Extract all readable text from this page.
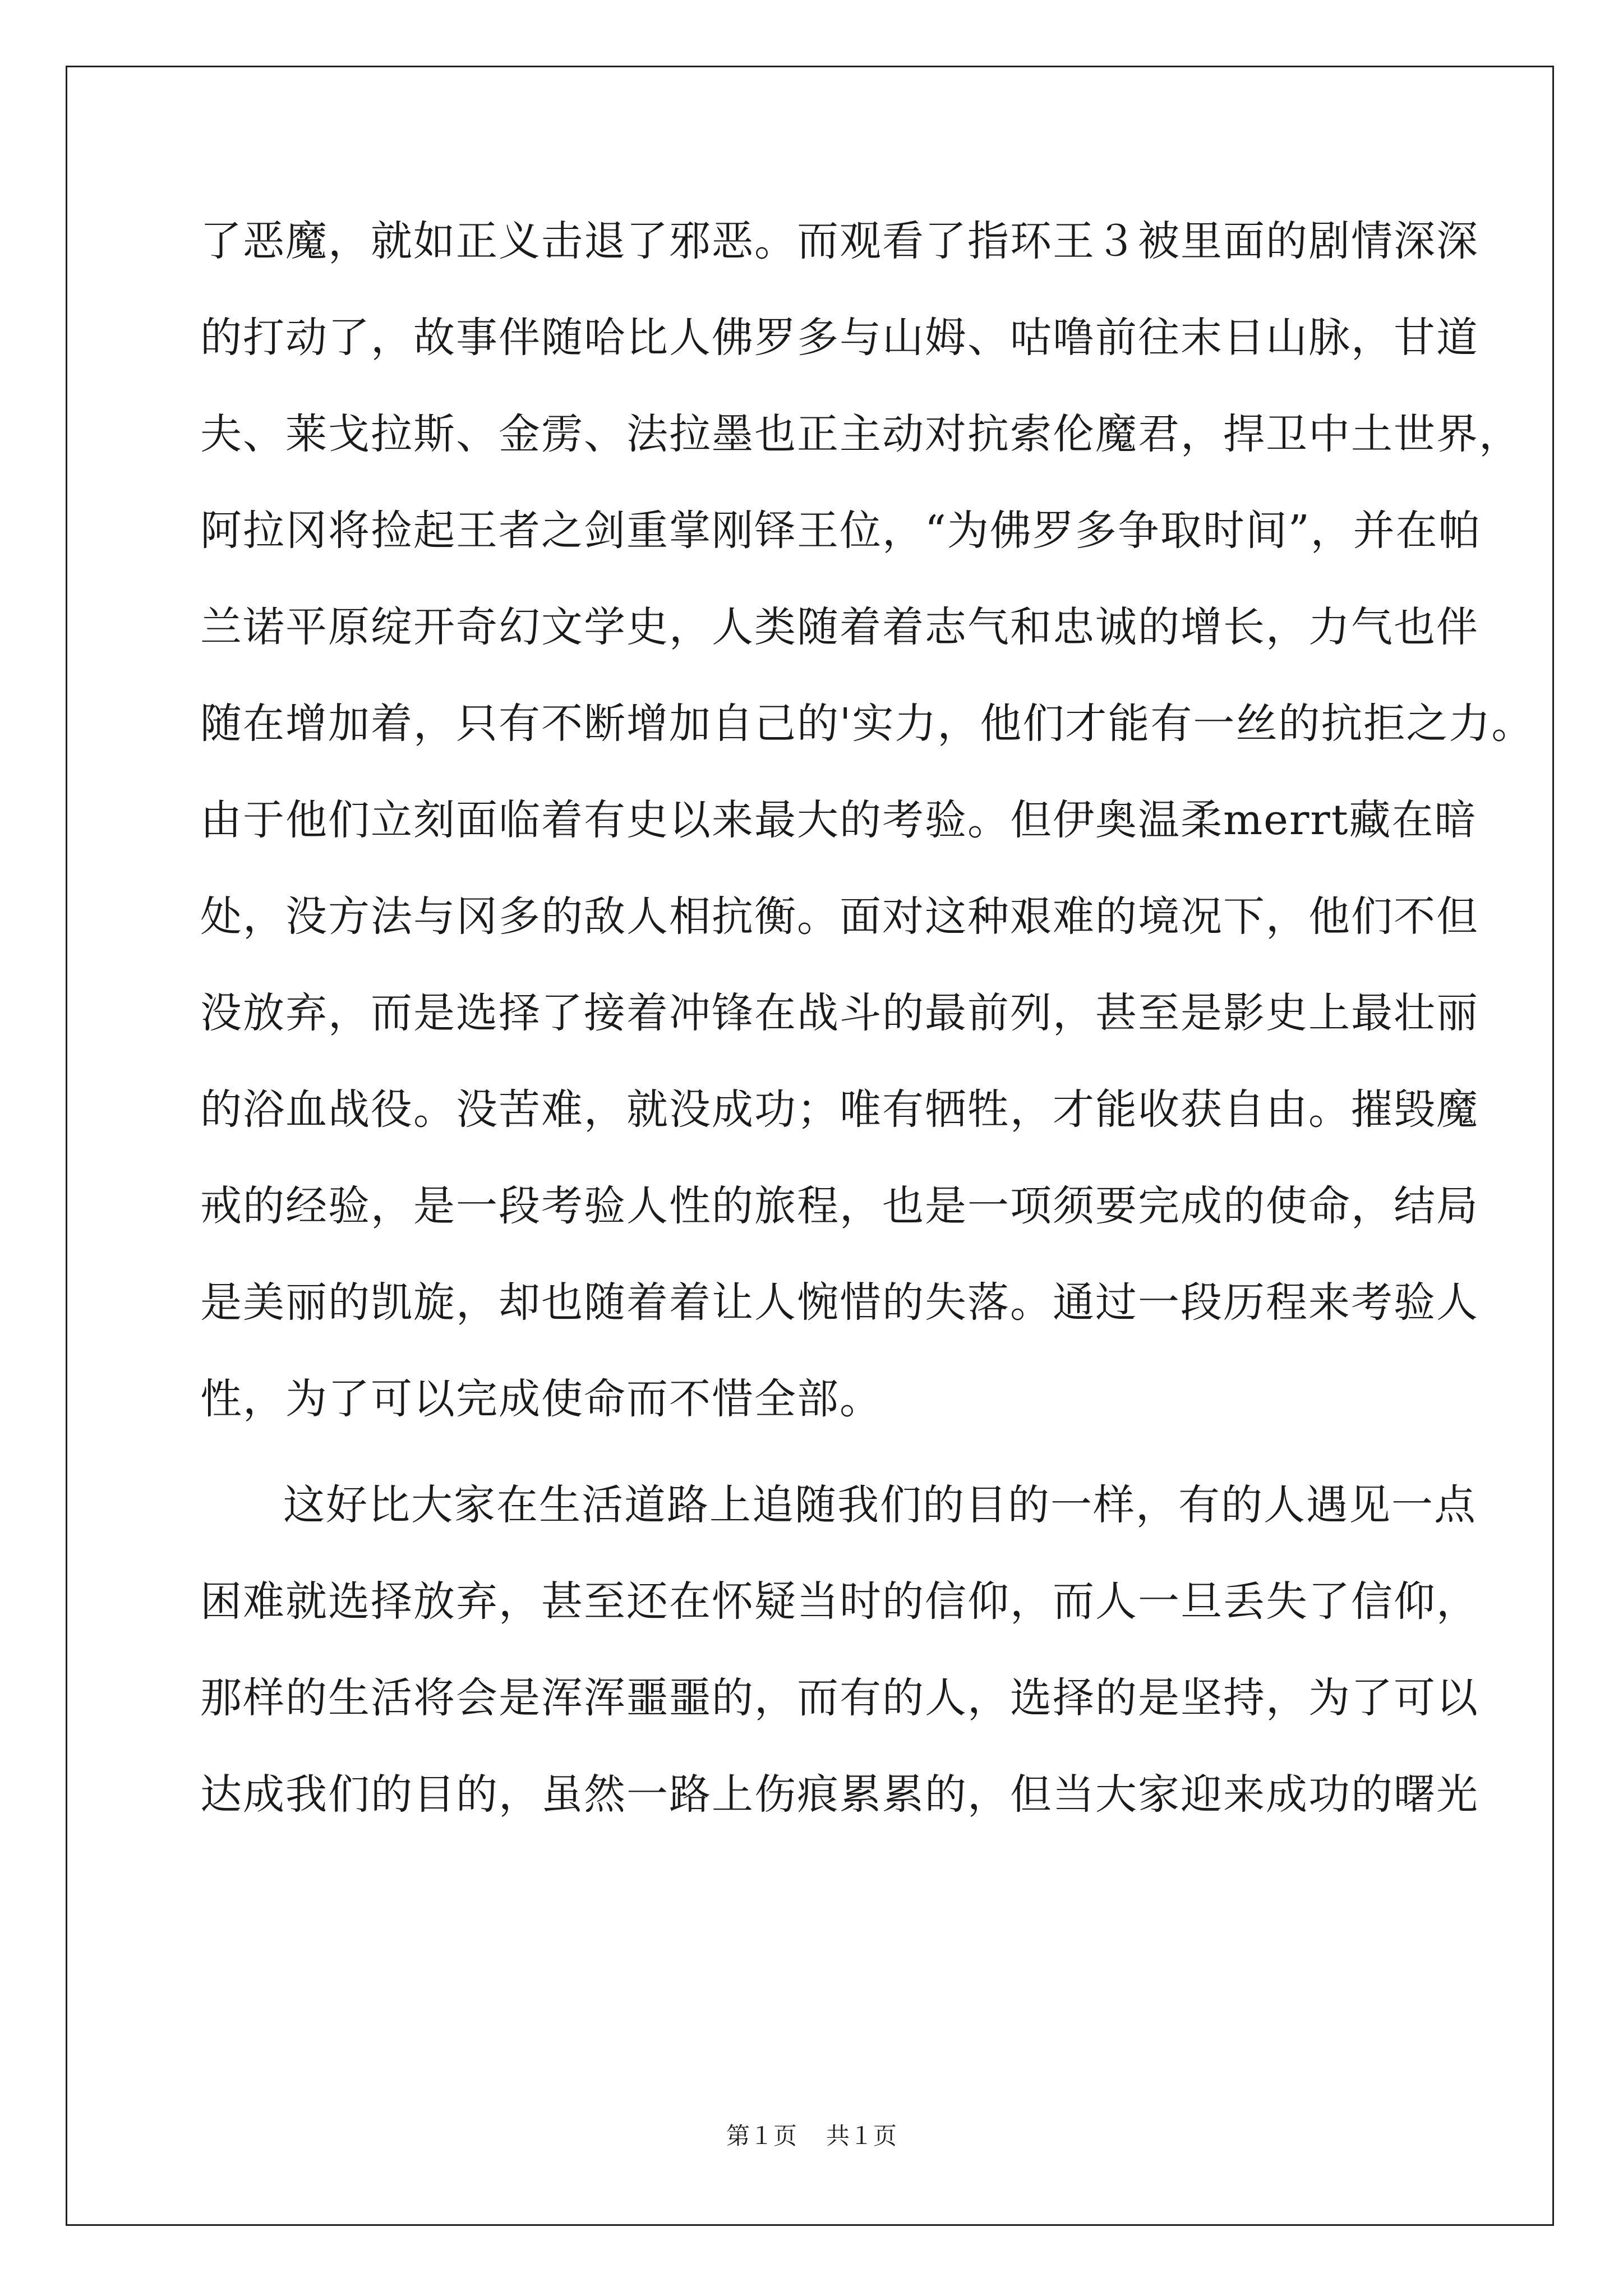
了恶魔，就如正义击退了邪恶。而观看了指环王３被里面的剧情深深
的打动了，故事伴随哈比人佛罗多与山姆、咕噜前往末日山脉，甘道
夫、莱戈拉斯、金雳、法拉墨也正主动对抗索伦魔君，捍卫中土世界，
阿拉冈将捡起王者之剑重掌刚铎王位，“为佛罗多争取时间”，并在帕
兰诺平原绽开奇幻文学史，人类随着着志气和忠诚的增长，力气也伴
随在增加着，只有不断增加自己的'实力，他们才能有一丝的抗拒之力。
由于他们立刻面临着有史以来最大的考验。但伊奥温柔merrt藏在暗
处，没方法与冈多的敌人相抗衡。面对这种艰难的境况下，他们不但
没放弃，而是选择了接着冲锋在战斗的最前列，甚至是影史上最壮丽
的浴血战役。没苦难，就没成功；唯有牺牲，才能收获自由。摧毁魔
戒的经验，是一段考验人性的旅程，也是一项须要完成的使命，结局
是美丽的凯旋，却也随着着让人惋惜的失落。通过一段历程来考验人
性，为了可以完成使命而不惜全部。
这好比大家在生活道路上追随我们的目的一样，有的人遇见一点
困难就选择放弃，甚至还在怀疑当时的信仰，而人一旦丢失了信仰，
那样的生活将会是浑浑噩噩的，而有的人，选择的是坚持，为了可以
达成我们的目的，虽然一路上伤痕累累的，但当大家迎来成功的曙光
第１页 共１页
